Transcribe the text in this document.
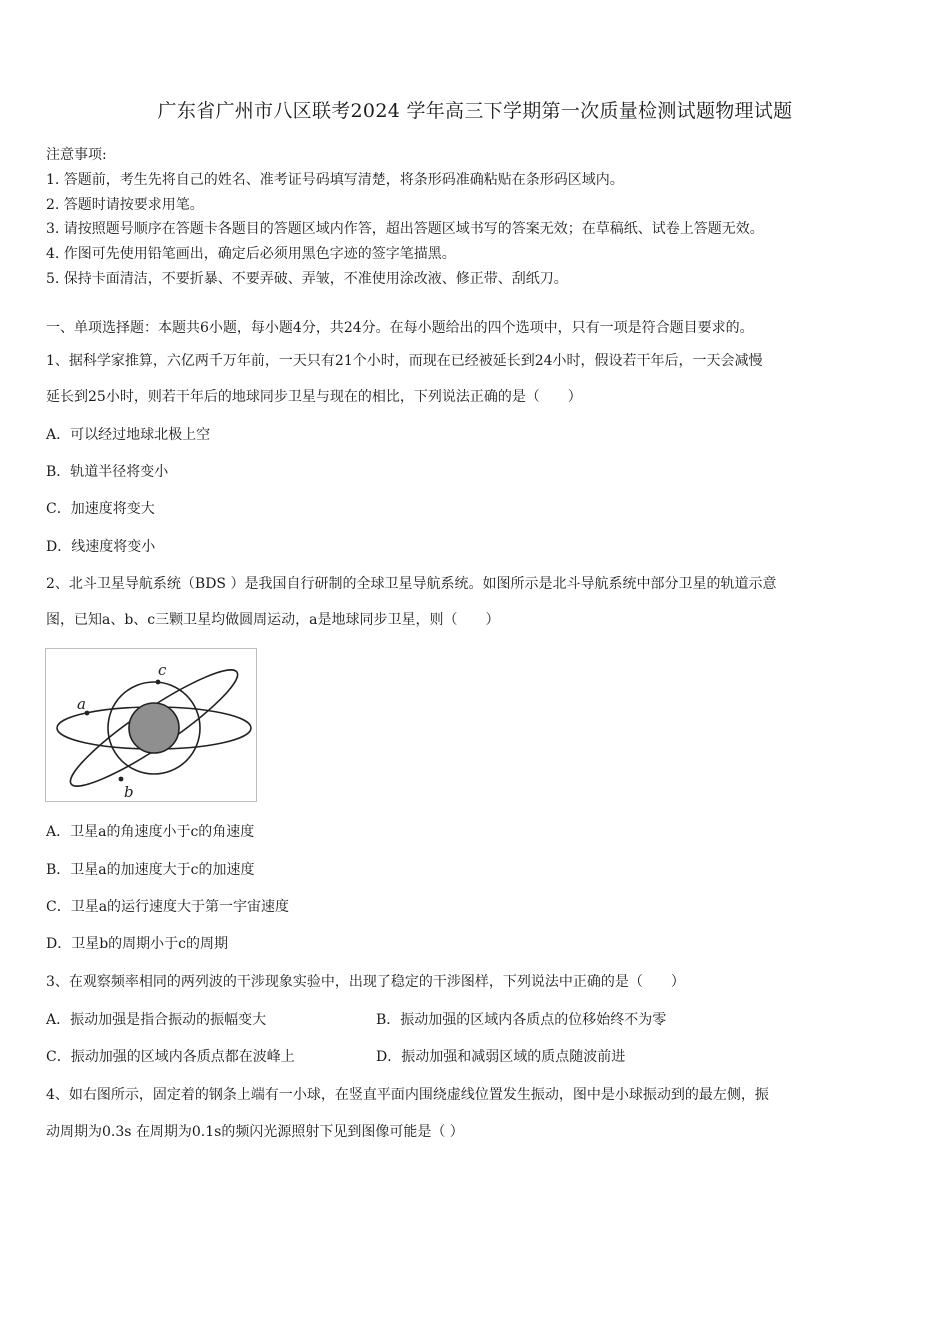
广东省广州市八区联考2024 学年高三下学期第一次质量检测试题物理试题
注意事项:
1. 答题前，考生先将自己的姓名、准考证号码填写清楚，将条形码准确粘贴在条形码区域内。
2. 答题时请按要求用笔。
3. 请按照题号顺序在答题卡各题目的答题区域内作答，超出答题区域书写的答案无效；在草稿纸、试卷上答题无效。
4. 作图可先使用铅笔画出，确定后必须用黑色字迹的签字笔描黑。
5. 保持卡面清洁，不要折暴、不要弄破、弄皱，不准使用涂改液、修正带、刮纸刀。
一、单项选择题：本题共6小题，每小题4分，共24分。在每小题给出的四个选项中，只有一项是符合题目要求的。
1、据科学家推算，六亿两千万年前，一天只有21个小时，而现在已经被延长到24小时，假设若干年后，一天会减慢
延长到25小时，则若干年后的地球同步卫星与现在的相比，下列说法正确的是（　　）
A．可以经过地球北极上空
B．轨道半径将变小
C．加速度将变大
D．线速度将变小
2、北斗卫星导航系统（BDS ）是我国自行研制的全球卫星导航系统。如图所示是北斗导航系统中部分卫星的轨道示意
图，已知a、b、c三颗卫星均做圆周运动，a是地球同步卫星，则（　　）
a
b
c
A．卫星a的角速度小于c的角速度
B．卫星a的加速度大于c的加速度
C．卫星a的运行速度大于第一宇宙速度
D．卫星b的周期小于c的周期
3、在观察频率相同的两列波的干涉现象实验中，出现了稳定的干涉图样，下列说法中正确的是（　　）
A．振动加强是指合振动的振幅变大	B．振动加强的区域内各质点的位移始终不为零
C．振动加强的区域内各质点都在波峰上	D．振动加强和减弱区域的质点随波前进
4、如右图所示，固定着的钢条上端有一小球，在竖直平面内围绕虚线位置发生振动，图中是小球振动到的最左侧，振
动周期为0.3s 在周期为0.1s的频闪光源照射下见到图像可能是（ ）
